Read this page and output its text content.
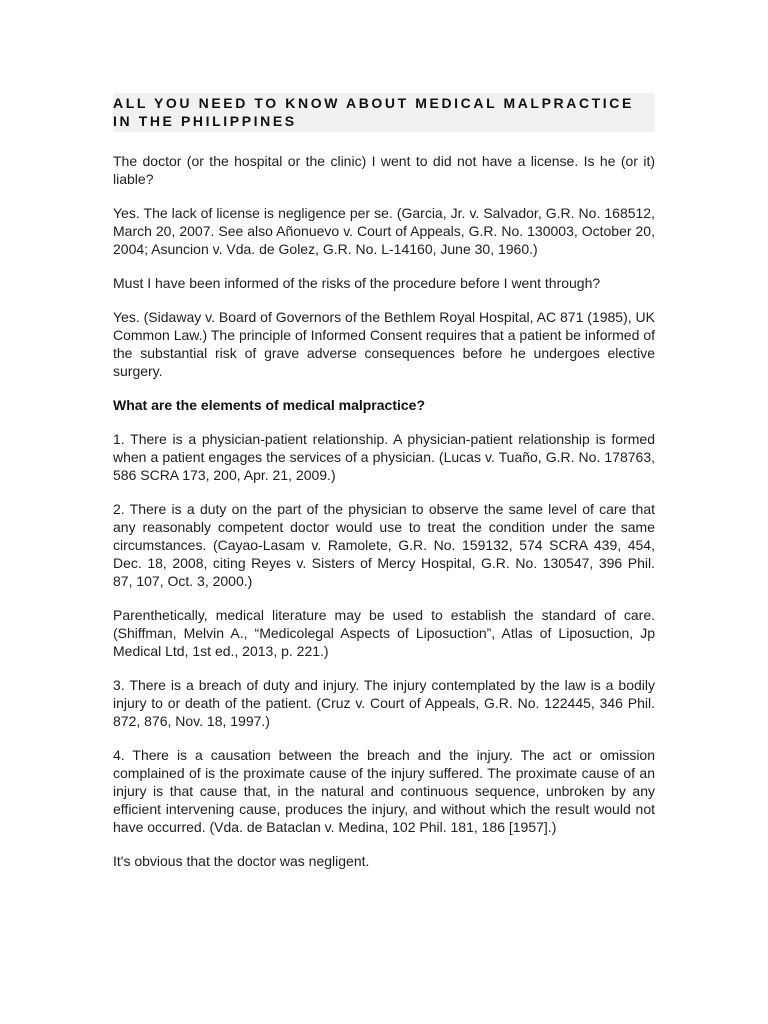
ALL YOU NEED TO KNOW ABOUT MEDICAL MALPRACTICE IN THE PHILIPPINES

The doctor (or the hospital or the clinic) I went to did not have a license. Is he (or it) liable?

Yes. The lack of license is negligence per se. (Garcia, Jr. v. Salvador, G.R. No. 168512, March 20, 2007. See also Añonuevo v. Court of Appeals, G.R. No. 130003, October 20, 2004; Asuncion v. Vda. de Golez, G.R. No. L-14160, June 30, 1960.)

Must I have been informed of the risks of the procedure before I went through?

Yes. (Sidaway v. Board of Governors of the Bethlem Royal Hospital, AC 871 (1985), UK Common Law.) The principle of Informed Consent requires that a patient be informed of the substantial risk of grave adverse consequences before he undergoes elective surgery.

What are the elements of medical malpractice?

1. There is a physician-patient relationship. A physician-patient relationship is formed when a patient engages the services of a physician. (Lucas v. Tuaño, G.R. No. 178763, 586 SCRA 173, 200, Apr. 21, 2009.)

2. There is a duty on the part of the physician to observe the same level of care that any reasonably competent doctor would use to treat the condition under the same circumstances. (Cayao-Lasam v. Ramolete, G.R. No. 159132, 574 SCRA 439, 454, Dec. 18, 2008, citing Reyes v. Sisters of Mercy Hospital, G.R. No. 130547, 396 Phil. 87, 107, Oct. 3, 2000.)

Parenthetically, medical literature may be used to establish the standard of care. (Shiffman, Melvin A., “Medicolegal Aspects of Liposuction”, Atlas of Liposuction, Jp Medical Ltd, 1st ed., 2013, p. 221.)

3. There is a breach of duty and injury. The injury contemplated by the law is a bodily injury to or death of the patient. (Cruz v. Court of Appeals, G.R. No. 122445, 346 Phil. 872, 876, Nov. 18, 1997.)

4. There is a causation between the breach and the injury. The act or omission complained of is the proximate cause of the injury suffered. The proximate cause of an injury is that cause that, in the natural and continuous sequence, unbroken by any efficient intervening cause, produces the injury, and without which the result would not have occurred. (Vda. de Bataclan v. Medina, 102 Phil. 181, 186 [1957].)

It's obvious that the doctor was negligent.
